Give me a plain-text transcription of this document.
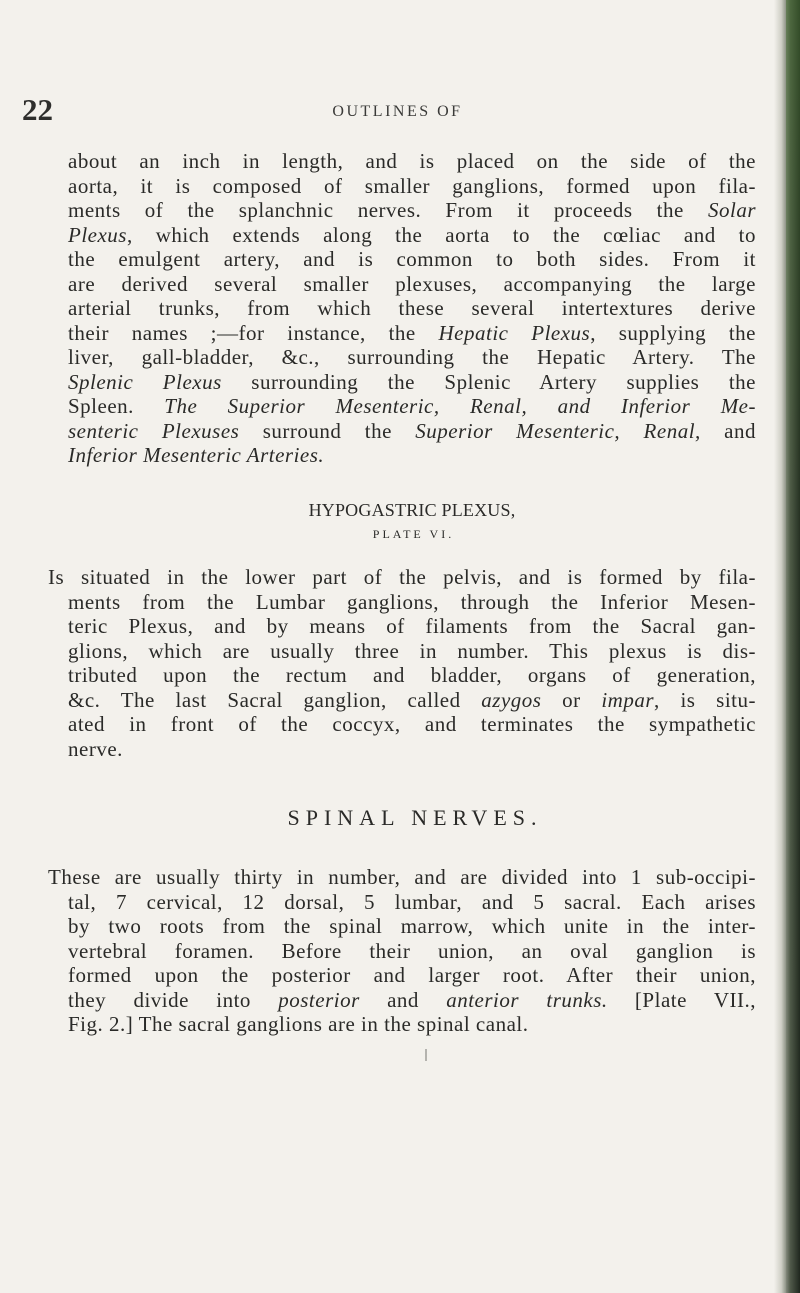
22	OUTLINES OF
about an inch in length, and is placed on the side of the
aorta, it is composed of smaller ganglions, formed upon fila-
ments of the splanchnic nerves. From it proceeds the Solar
Plexus, which extends along the aorta to the cœliac and to
the emulgent artery, and is common to both sides. From it
are derived several smaller plexuses, accompanying the large
arterial trunks, from which these several intertextures derive
their names ;—for instance, the Hepatic Plexus, supplying the
liver, gall-bladder, &c., surrounding the Hepatic Artery. The
Splenic Plexus surrounding the Splenic Artery supplies the
Spleen. The Superior Mesenteric, Renal, and Inferior Me-
senteric Plexuses surround the Superior Mesenteric, Renal, and
Inferior Mesenteric Arteries.
HYPOGASTRIC PLEXUS,
PLATE VI.
Is situated in the lower part of the pelvis, and is formed by fila-
ments from the Lumbar ganglions, through the Inferior Mesen-
teric Plexus, and by means of filaments from the Sacral gan-
glions, which are usually three in number. This plexus is dis-
tributed upon the rectum and bladder, organs of generation,
&c. The last Sacral ganglion, called azygos or impar, is situ-
ated in front of the coccyx, and terminates the sympathetic
nerve.
SPINAL NERVES.
These are usually thirty in number, and are divided into 1 sub-occipi-
tal, 7 cervical, 12 dorsal, 5 lumbar, and 5 sacral. Each arises
by two roots from the spinal marrow, which unite in the inter-
vertebral foramen. Before their union, an oval ganglion is
formed upon the posterior and larger root. After their union,
they divide into posterior and anterior trunks. [Plate VII.,
Fig. 2.] The sacral ganglions are in the spinal canal.
